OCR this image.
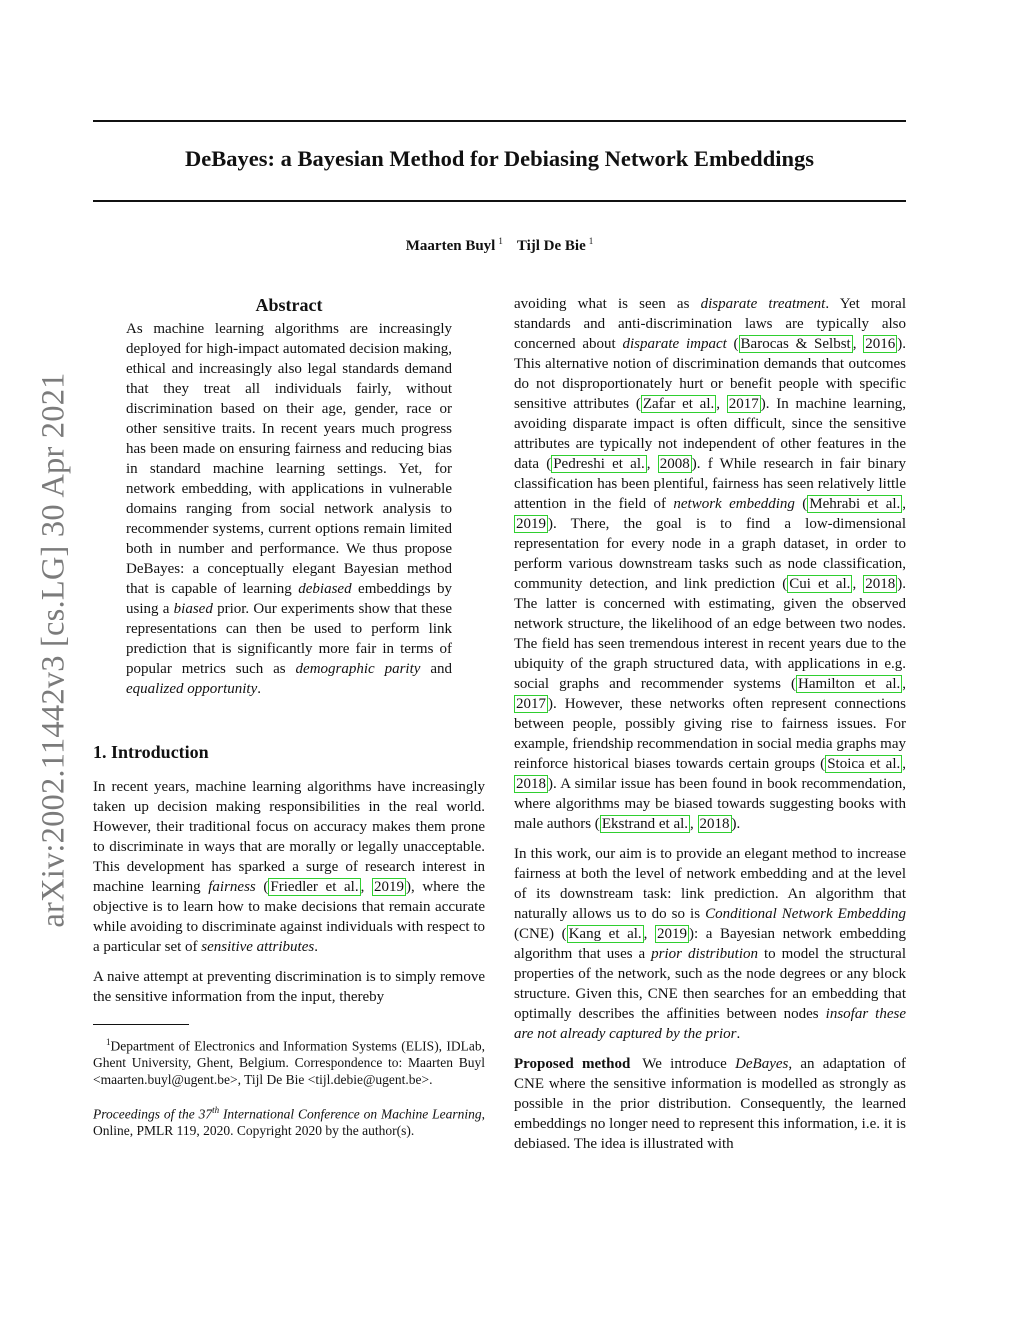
DeBayes: a Bayesian Method for Debiasing Network Embeddings
Maarten Buyl $^1$ Tijl De Bie $^1$
arXiv:2002.11442v3 [cs.LG] 30 Apr 2021
Abstract

As machine learning algorithms are increasingly deployed for high-impact automated decision making, ethical and increasingly also legal standards demand that they treat all individuals fairly, without discrimination based on their age, gender, race or other sensitive traits. In recent years much progress has been made on ensuring fairness and reducing bias in standard machine learning settings. Yet, for network embedding, with applications in vulnerable domains ranging from social network analysis to recommender systems, current options remain limited both in number and performance. We thus propose DeBayes: a conceptually elegant Bayesian method that is capable of learning debiased embeddings by using a biased prior. Our experiments show that these representations can then be used to perform link prediction that is significantly more fair in terms of popular metrics such as demographic parity and equalized opportunity.

1. Introduction

In recent years, machine learning algorithms have increasingly taken up decision making responsibilities in the real world. However, their traditional focus on accuracy makes them prone to discriminate in ways that are morally or legally unacceptable. This development has sparked a surge of research interest in machine learning fairness ( Friedler et al. , 2019 ), where the objective is to learn how to make decisions that remain accurate while avoiding to discriminate against individuals with respect to a particular set of sensitive attributes.

A naive attempt at preventing discrimination is to simply remove the sensitive information from the input, thereby

$^1$Department of Electronics and Information Systems (ELIS), IDLab, Ghent University, Ghent, Belgium. Correspondence to: Maarten Buyl <maarten.buyl@ugent.be>, Tijl De Bie <tijl.debie@ugent.be>.

Proceedings of the 37th International Conference on Machine Learning, Online, PMLR 119, 2020. Copyright 2020 by the author(s).

avoiding what is seen as disparate treatment. Yet moral standards and anti-discrimination laws are typically also concerned about disparate impact ( Barocas & Selbst , 2016 ). This alternative notion of discrimination demands that outcomes do not disproportionately hurt or benefit people with specific sensitive attributes ( Zafar et al. , 2017 ). In machine learning, avoiding disparate impact is often difficult, since the sensitive attributes are typically not independent of other features in the data ( Pedreshi et al. , 2008 ). f While research in fair binary classification has been plentiful, fairness has seen relatively little attention in the field of network embedding ( Mehrabi et al. , 2019 ). There, the goal is to find a low-dimensional representation for every node in a graph dataset, in order to perform various downstream tasks such as node classification, community detection, and link prediction ( Cui et al. , 2018 ). The latter is concerned with estimating, given the observed network structure, the likelihood of an edge between two nodes. The field has seen tremendous interest in recent years due to the ubiquity of the graph structured data, with applications in e.g. social graphs and recommender systems ( Hamilton et al. , 2017 ). However, these networks often represent connections between people, possibly giving rise to fairness issues. For example, friendship recommendation in social media graphs may reinforce historical biases towards certain groups ( Stoica et al. , 2018 ). A similar issue has been found in book recommendation, where algorithms may be biased towards suggesting books with male authors ( Ekstrand et al. , 2018 ).

In this work, our aim is to provide an elegant method to increase fairness at both the level of network embedding and at the level of its downstream task: link prediction. An algorithm that naturally allows us to do so is Conditional Network Embedding (CNE) ( Kang et al. , 2019 ): a Bayesian network embedding algorithm that uses a prior distribution to model the structural properties of the network, such as the node degrees or any block structure. Given this, CNE then searches for an embedding that optimally describes the affinities between nodes insofar these are not already captured by the prior.

Proposed method We introduce DeBayes, an adaptation of CNE where the sensitive information is modelled as strongly as possible in the prior distribution. Consequently, the learned embeddings no longer need to represent this information, i.e. it is debiased. The idea is illustrated with
